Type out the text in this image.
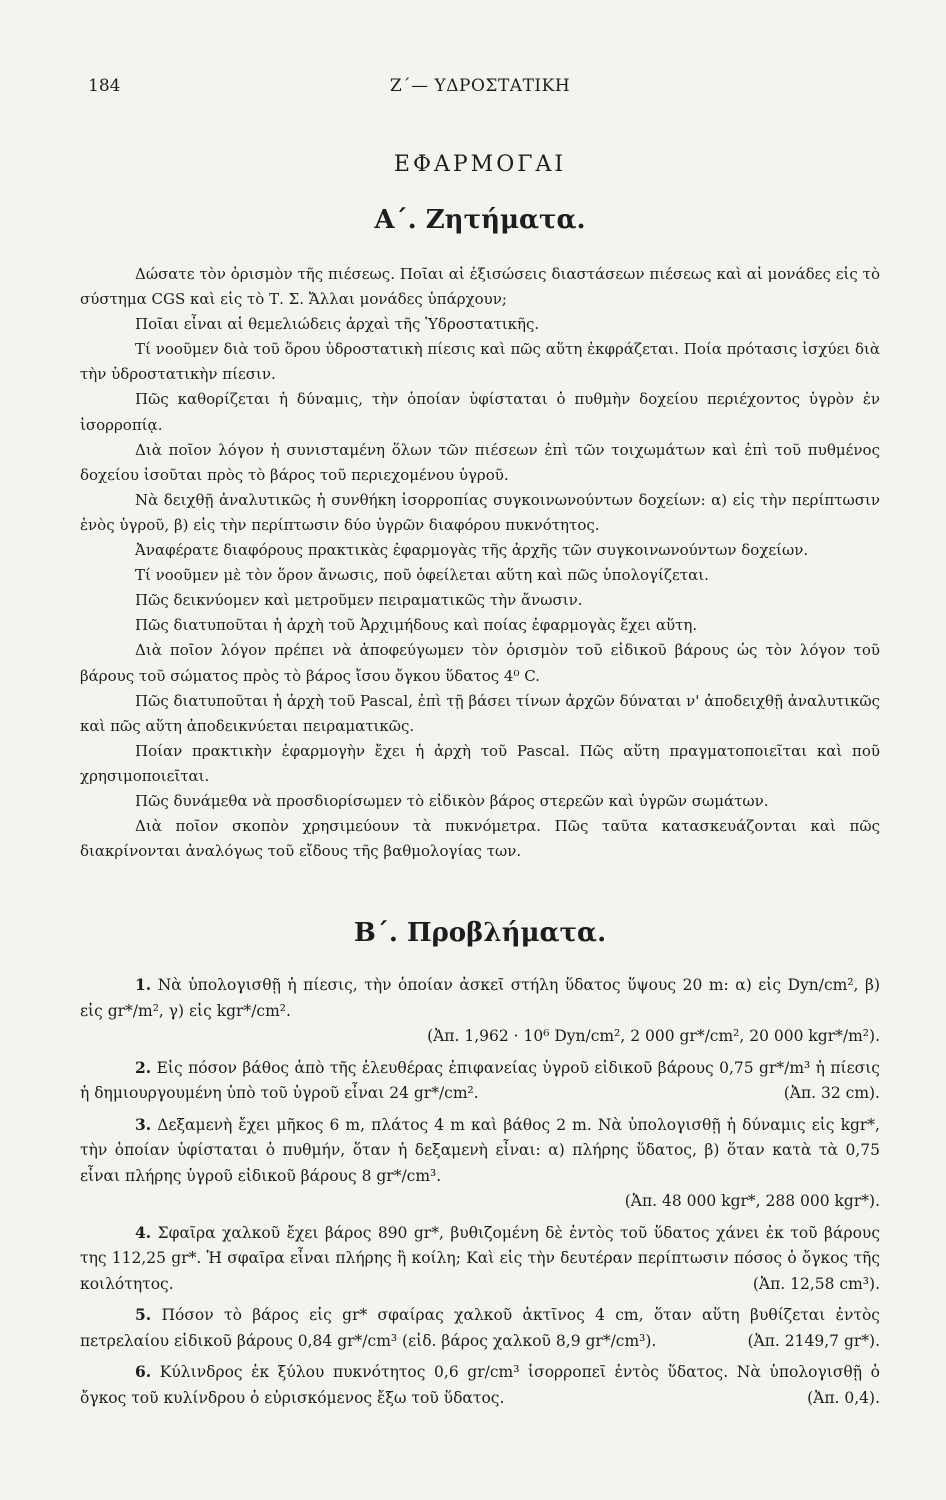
184	Ζ΄— ΥΔΡΟΣΤΑΤΙΚΗ
ΕΦΑΡΜΟΓΑΙ
Α΄. Ζητήματα.

Δώσατε τὸν ὁρισμὸν τῆς πιέσεως. Ποῖαι αἱ ἐξισώσεις διαστάσεων πιέσεως καὶ αἱ μονάδες εἰς τὸ σύστημα CGS καὶ εἰς τὸ Τ. Σ. Ἄλλαι μονάδες ὑπάρχουν;

Ποῖαι εἶναι αἱ θεμελιώδεις ἀρχαὶ τῆς Ὑδροστατικῆς.

Τί νοοῦμεν διὰ τοῦ ὅρου ὑδροστατικὴ πίεσις καὶ πῶς αὕτη ἐκφράζεται. Ποία πρότασις ἰσχύει διὰ τὴν ὑδροστατικὴν πίεσιν.

Πῶς καθορίζεται ἡ δύναμις, τὴν ὁποίαν ὑφίσταται ὁ πυθμὴν δοχείου περιέχοντος ὑγρὸν ἐν ἰσορροπίᾳ.

Διὰ ποῖον λόγον ἡ συνισταμένη ὅλων τῶν πιέσεων ἐπὶ τῶν τοιχωμάτων καὶ ἐπὶ τοῦ πυθμένος δοχείου ἰσοῦται πρὸς τὸ βάρος τοῦ περιεχομένου ὑγροῦ.

Νὰ δειχθῇ ἀναλυτικῶς ἡ συνθήκη ἰσορροπίας συγκοινωνούντων δοχείων: α) εἰς τὴν περίπτωσιν ἑνὸς ὑγροῦ, β) εἰς τὴν περίπτωσιν δύο ὑγρῶν διαφόρου πυκνότητος.

Ἀναφέρατε διαφόρους πρακτικὰς ἐφαρμογὰς τῆς ἀρχῆς τῶν συγκοινωνούντων δοχείων.

Τί νοοῦμεν μὲ τὸν ὅρον ἄνωσις, ποῦ ὀφείλεται αὕτη καὶ πῶς ὑπολογίζεται.

Πῶς δεικνύομεν καὶ μετροῦμεν πειραματικῶς τὴν ἄνωσιν.

Πῶς διατυποῦται ἡ ἀρχὴ τοῦ Ἀρχιμήδους καὶ ποίας ἐφαρμογὰς ἔχει αὕτη.

Διὰ ποῖον λόγον πρέπει νὰ ἀποφεύγωμεν τὸν ὁρισμὸν τοῦ εἰδικοῦ βάρους ὡς τὸν λόγον τοῦ βάρους τοῦ σώματος πρὸς τὸ βάρος ἴσου ὄγκου ὕδατος 4⁰ C.

Πῶς διατυποῦται ἡ ἀρχὴ τοῦ Pascal, ἐπὶ τῇ βάσει τίνων ἀρχῶν δύναται ν' ἀποδειχθῇ ἀναλυτικῶς καὶ πῶς αὕτη ἀποδεικνύεται πειραματικῶς.

Ποίαν πρακτικὴν ἐφαρμογὴν ἔχει ἡ ἀρχὴ τοῦ Pascal. Πῶς αὕτη πραγματοποιεῖται καὶ ποῦ χρησιμοποιεῖται.

Πῶς δυνάμεθα νὰ προσδιορίσωμεν τὸ εἰδικὸν βάρος στερεῶν καὶ ὑγρῶν σωμάτων.

Διὰ ποῖον σκοπὸν χρησιμεύουν τὰ πυκνόμετρα. Πῶς ταῦτα κατασκευάζονται καὶ πῶς διακρίνονται ἀναλόγως τοῦ εἴδους τῆς βαθμολογίας των.

Β΄. Προβλήματα.

1. Νὰ ὑπολογισθῇ ἡ πίεσις, τὴν ὁποίαν ἀσκεῖ στήλη ὕδατος ὕψους 20 m: α) εἰς Dyn/cm², β) εἰς gr*/m², γ) εἰς kgr*/cm².
(Ἀπ. 1,962 · 10⁶ Dyn/cm², 2 000 gr*/cm², 20 000 kgr*/m²).

2. Εἰς πόσον βάθος ἀπὸ τῆς ἐλευθέρας ἐπιφανείας ὑγροῦ εἰδικοῦ βάρους 0,75 gr*/m³ ἡ πίεσις ἡ δημιουργουμένη ὑπὸ τοῦ ὑγροῦ εἶναι 24 gr*/cm².	(Ἀπ. 32 cm).

3. Δεξαμενὴ ἔχει μῆκος 6 m, πλάτος 4 m καὶ βάθος 2 m. Νὰ ὑπολογισθῇ ἡ δύναμις εἰς kgr*, τὴν ὁποίαν ὑφίσταται ὁ πυθμήν, ὅταν ἡ δεξαμενὴ εἶναι: α) πλήρης ὕδατος, β) ὅταν κατὰ τὰ 0,75 εἶναι πλήρης ὑγροῦ εἰδικοῦ βάρους 8 gr*/cm³.
(Ἀπ. 48 000 kgr*, 288 000 kgr*).

4. Σφαῖρα χαλκοῦ ἔχει βάρος 890 gr*, βυθιζομένη δὲ ἐντὸς τοῦ ὕδατος χάνει ἐκ τοῦ βάρους της 112,25 gr*. Ἡ σφαῖρα εἶναι πλήρης ἢ κοίλη; Καὶ εἰς τὴν δευτέραν περίπτωσιν πόσος ὁ ὄγκος τῆς κοιλότητος.	(Ἀπ. 12,58 cm³).

5. Πόσον τὸ βάρος εἰς gr* σφαίρας χαλκοῦ ἀκτῖνος 4 cm, ὅταν αὕτη βυθίζεται ἐντὸς πετρελαίου εἰδικοῦ βάρους 0,84 gr*/cm³ (εἰδ. βάρος χαλκοῦ 8,9 gr*/cm³).	(Ἀπ. 2149,7 gr*).

6. Κύλινδρος ἐκ ξύλου πυκνότητος 0,6 gr/cm³ ἰσορροπεῖ ἐντὸς ὕδατος. Νὰ ὑπολογισθῇ ὁ ὄγκος τοῦ κυλίνδρου ὁ εὑρισκόμενος ἔξω τοῦ ὕδατος.	(Ἀπ. 0,4).
